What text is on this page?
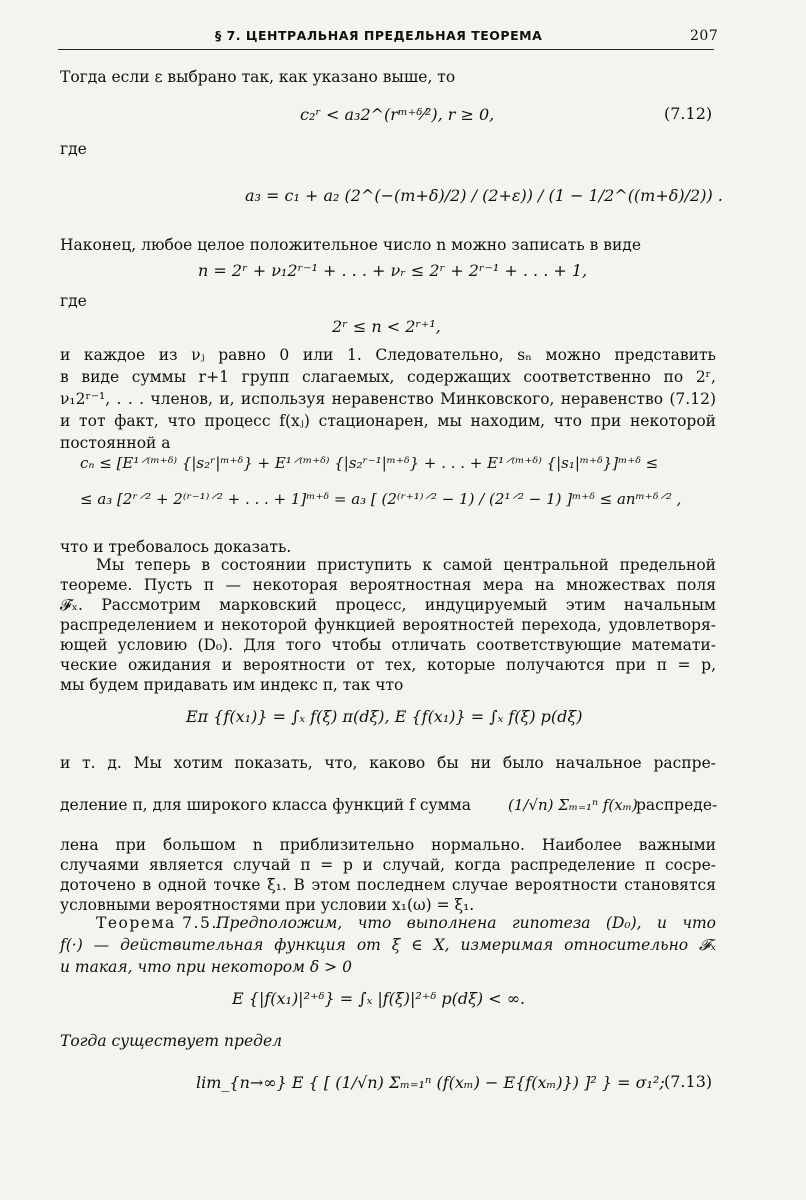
§ 7. ЦЕНТРАЛЬНАЯ ПРЕДЕЛЬНАЯ ТЕОРЕМА	207
Тогда если ε выбрано так, как указано выше, то
c₂ʳ < a₃2^(rᵐ⁺ᵟ⁄²), r ≥ 0,	(7.12)
где
a₃ = c₁ + a₂ (2^(−(m+δ)/2) / (2+ε)) / (1 − 1/2^((m+δ)/2)) .
Наконец, любое целое положительное число n можно записать в виде
n = 2ʳ + ν₁2ʳ⁻¹ + . . . + νᵣ ≤ 2ʳ + 2ʳ⁻¹ + . . . + 1,
где
2ʳ ≤ n < 2ʳ⁺¹,
и каждое из νⱼ равно 0 или 1. Следовательно, sₙ можно представить
в виде суммы r+1 групп слагаемых, содержащих соответственно по 2ʳ,
ν₁2ʳ⁻¹, . . . членов, и, используя неравенство Минковского, неравенство (7.12)
и тот факт, что процесс f(xⱼ) стационарен, мы находим, что при некоторой
постоянной a
cₙ ≤ [E¹⸍⁽ᵐ⁺ᵟ⁾ {|s₂ʳ|ᵐ⁺ᵟ} + E¹⸍⁽ᵐ⁺ᵟ⁾ {|s₂ʳ⁻¹|ᵐ⁺ᵟ} + . . . + E¹⸍⁽ᵐ⁺ᵟ⁾ {|s₁|ᵐ⁺ᵟ}]ᵐ⁺ᵟ ≤
≤ a₃ [2ʳ⸍² + 2⁽ʳ⁻¹⁾⸍² + . . . + 1]ᵐ⁺ᵟ = a₃ [ (2⁽ʳ⁺¹⁾⸍² − 1) / (2¹⸍² − 1) ]ᵐ⁺ᵟ ≤ anᵐ⁺ᵟ⸍² ,
что и требовалось доказать.
Мы теперь в состоянии приступить к самой центральной предельной
теореме. Пусть π — некоторая вероятностная мера на множествах поля
𝓕ₓ. Рассмотрим марковский процесс, индуцируемый этим начальным
распределением и некоторой функцией вероятностей перехода, удовлетворя-
ющей условию (D₀). Для того чтобы отличать соответствующие математи-
ческие ожидания и вероятности от тех, которые получаются при π = p,
мы будем придавать им индекс π, так что
Eπ {f(x₁)} = ∫ₓ f(ξ) π(dξ), E {f(x₁)} = ∫ₓ f(ξ) p(dξ)
и т. д. Мы хотим показать, что, каково бы ни было начальное распре-
деление π, для широкого класса функций f сумма (1/√n) Σₘ₌₁ⁿ f(xₘ)
распреде-
лена при большом n приблизительно нормально. Наиболее важными
случаями является случай π = p и случай, когда распределение π сосре-
доточено в одной точке ξ₁. В этом последнем случае вероятности становятся
условными вероятностями при условии x₁(ω) = ξ₁.
Теорема 7.5.
Предположим, что выполнена гипотеза (D₀), и что
f(·) — действительная функция от ξ ∈ X, измеримая относительно 𝓕ₓ
и такая, что при некотором δ > 0
E {|f(x₁)|²⁺ᵟ} = ∫ₓ |f(ξ)|²⁺ᵟ p(dξ) < ∞.
Тогда существует предел
lim_{n→∞} E { [ (1/√n) Σₘ₌₁ⁿ (f(xₘ) − E{f(xₘ)}) ]² } = σ₁²; (7.13)
